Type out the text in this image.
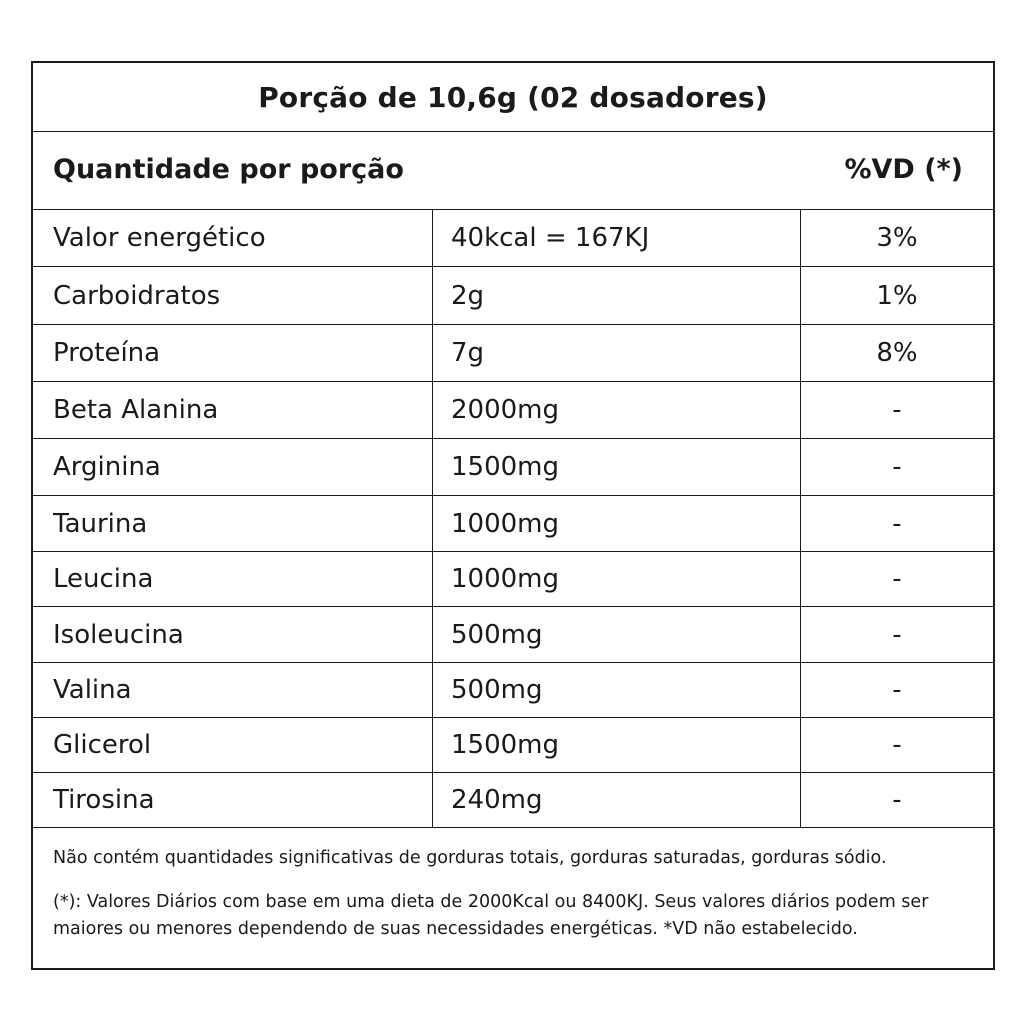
Porção de 10,6g (02 dosadores)
Quantidade por porção	%VD (*)
Valor energético	40kcal = 167KJ	3%
Carboidratos	2g	1%
Proteína	7g	8%
Beta Alanina	2000mg	-
Arginina	1500mg	-
Taurina	1000mg	-
Leucina	1000mg	-
Isoleucina	500mg	-
Valina	500mg	-
Glicerol	1500mg	-
Tirosina	240mg	-
Não contém quantidades significativas de gorduras totais, gorduras saturadas, gorduras sódio.
(*): Valores Diários com base em uma dieta de 2000Kcal ou 8400KJ. Seus valores diários podem ser maiores ou menores dependendo de suas necessidades energéticas. *VD não estabelecido.
